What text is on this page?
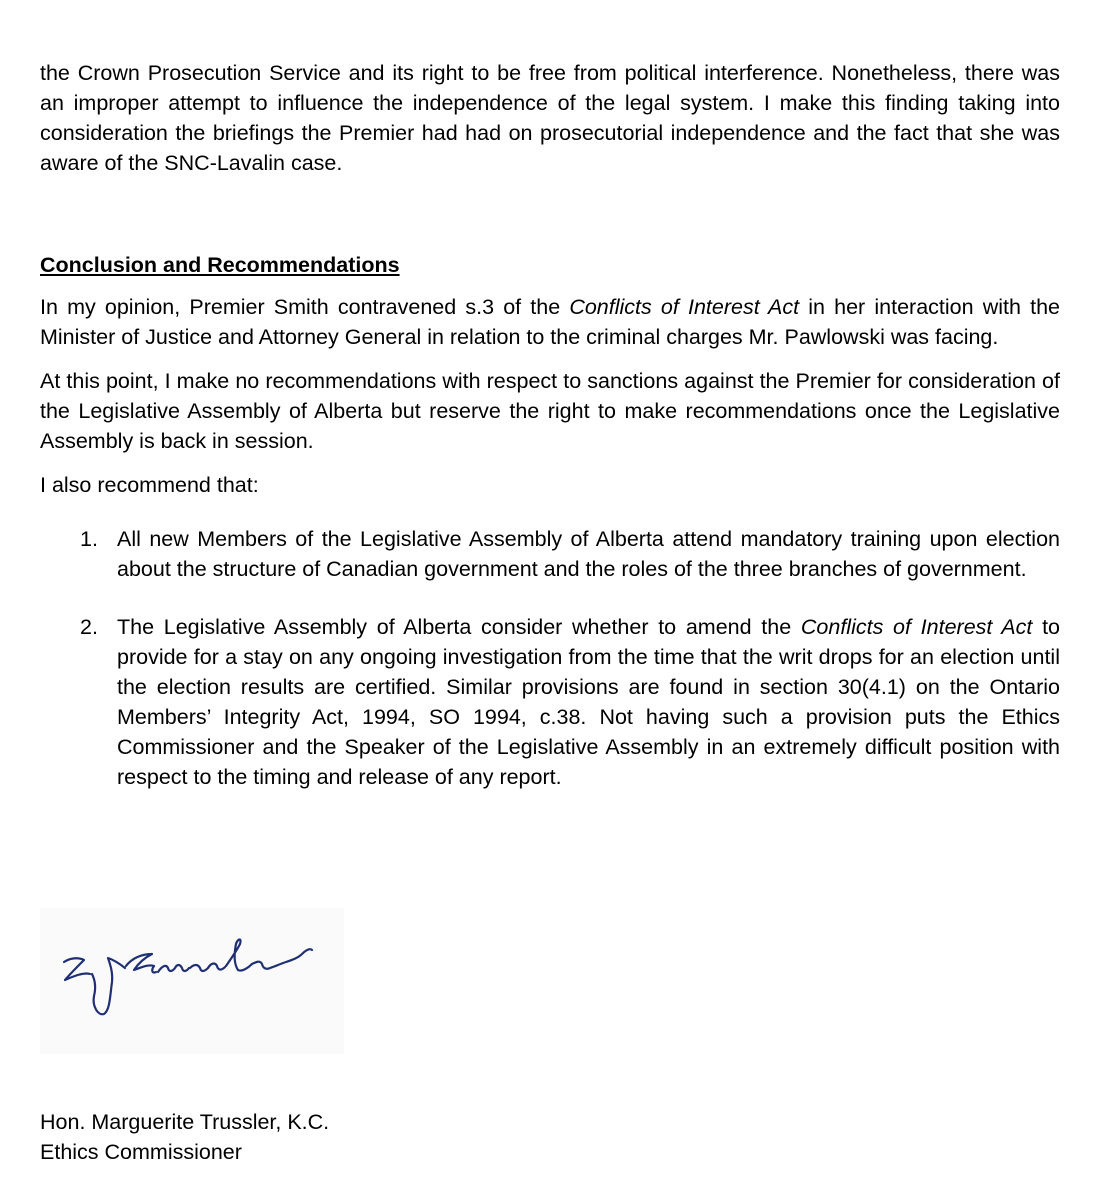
the Crown Prosecution Service and its right to be free from political interference. Nonetheless, there was an improper attempt to influence the independence of the legal system. I make this finding taking into consideration the briefings the Premier had had on prosecutorial independence and the fact that she was aware of the SNC-Lavalin case.

Conclusion and Recommendations

In my opinion, Premier Smith contravened s.3 of the Conflicts of Interest Act in her interaction with the Minister of Justice and Attorney General in relation to the criminal charges Mr. Pawlowski was facing.

At this point, I make no recommendations with respect to sanctions against the Premier for consideration of the Legislative Assembly of Alberta but reserve the right to make recommendations once the Legislative Assembly is back in session.

I also recommend that:

1. All new Members of the Legislative Assembly of Alberta attend mandatory training upon election about the structure of Canadian government and the roles of the three branches of government.
2. The Legislative Assembly of Alberta consider whether to amend the Conflicts of Interest Act to provide for a stay on any ongoing investigation from the time that the writ drops for an election until the election results are certified. Similar provisions are found in section 30(4.1) on the Ontario Members’ Integrity Act, 1994, SO 1994, c.38. Not having such a provision puts the Ethics Commissioner and the Speaker of the Legislative Assembly in an extremely difficult position with respect to the timing and release of any report.
Hon. Marguerite Trussler, K.C.
Ethics Commissioner
